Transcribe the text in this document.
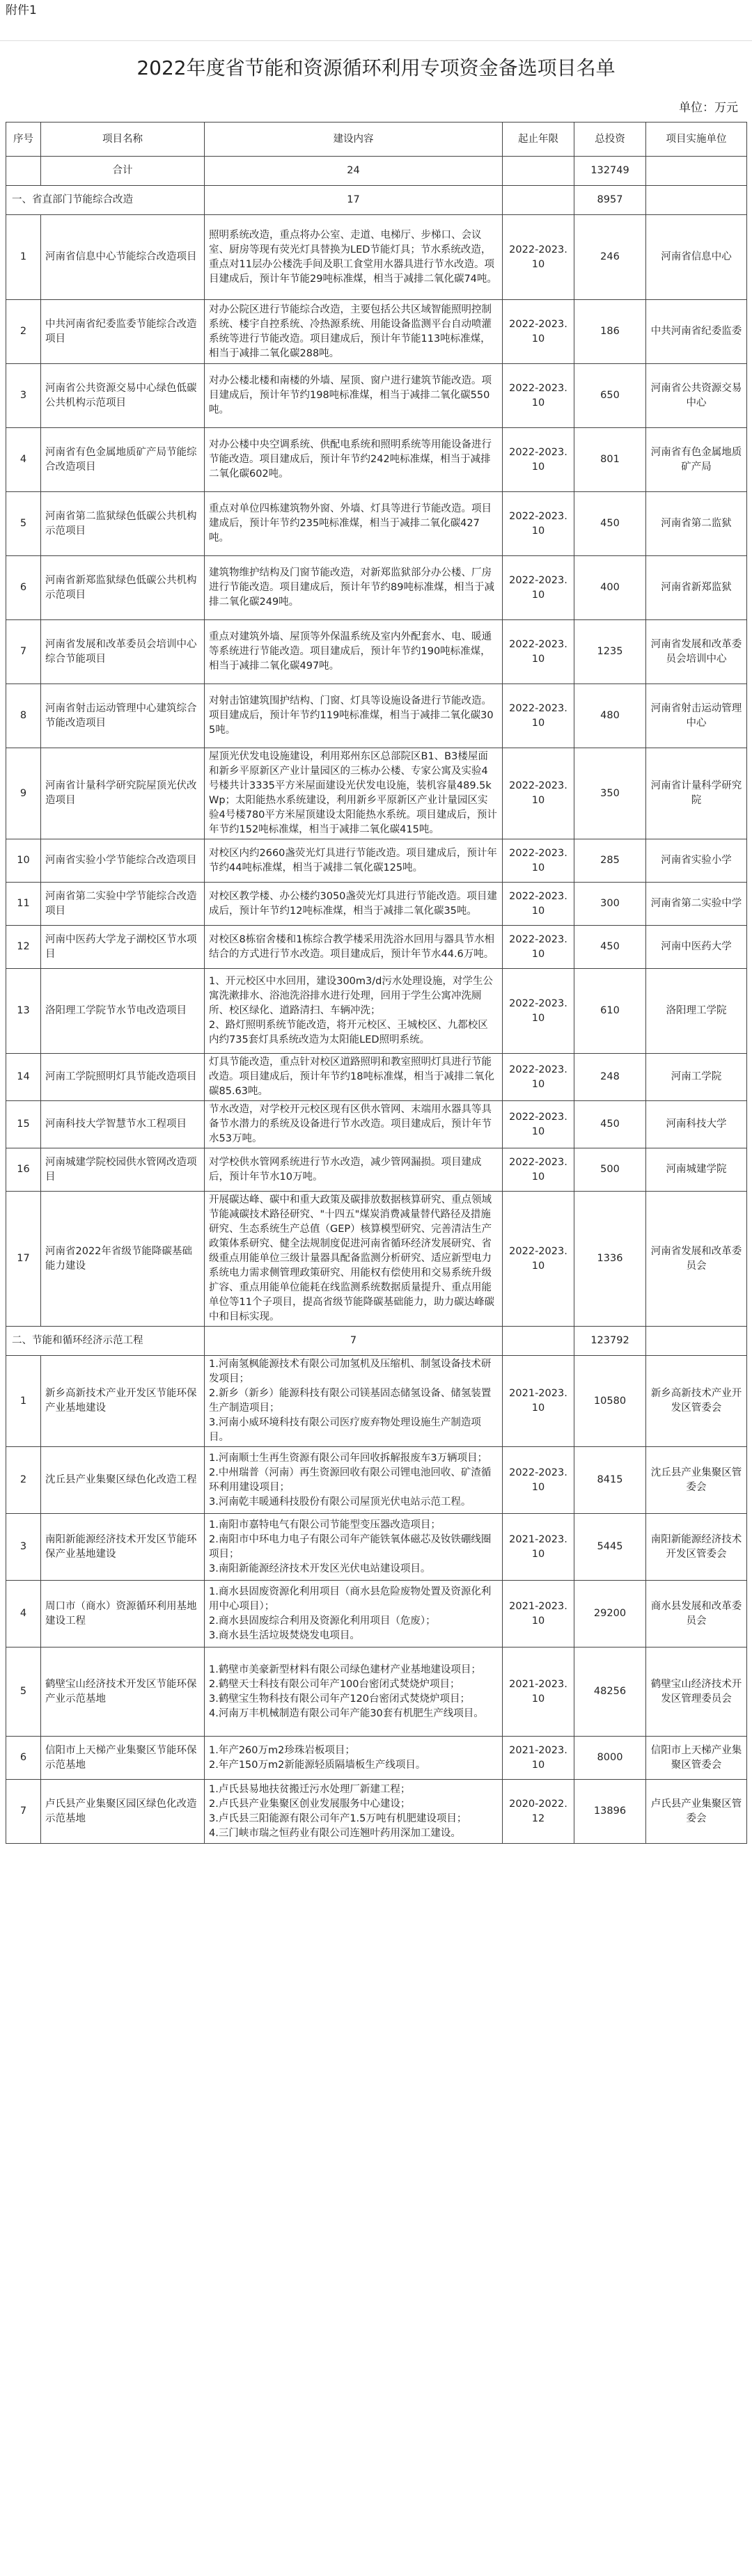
附件1
2022年度省节能和资源循环利用专项资金备选项目名单
单位：万元
序号	项目名称	建设内容	起止年限	总投资	项目实施单位
	合计	24		132749	
一、省直部门节能综合改造		17		8957	
1	河南省信息中心节能综合改造项目	照明系统改造，重点将办公室、走道、电梯厅、步梯口、会议室、厨房等现有荧光灯具替换为LED节能灯具；节水系统改造，重点对11层办公楼洗手间及职工食堂用水器具进行节水改造。项目建成后，预计年节能29吨标准煤，相当于减排二氧化碳74吨。	2022-2023.10	246	河南省信息中心
2	中共河南省纪委监委节能综合改造项目	对办公院区进行节能综合改造，主要包括公共区域智能照明控制系统、楼宇自控系统、冷热源系统、用能设备监测平台自动喷灌系统等进行节能改造。项目建成后，预计年节能113吨标准煤，相当于减排二氧化碳288吨。	2022-2023.10	186	中共河南省纪委监委
3	河南省公共资源交易中心绿色低碳公共机构示范项目	对办公楼北楼和南楼的外墙、屋顶、窗户进行建筑节能改造。项目建成后，预计年节约198吨标准煤，相当于减排二氧化碳550吨。	2022-2023.10	650	河南省公共资源交易中心
4	河南省有色金属地质矿产局节能综合改造项目	对办公楼中央空调系统、供配电系统和照明系统等用能设备进行节能改造。项目建成后，预计年节约242吨标准煤，相当于减排二氧化碳602吨。	2022-2023.10	801	河南省有色金属地质矿产局
5	河南省第二监狱绿色低碳公共机构示范项目	重点对单位四栋建筑物外窗、外墙、灯具等进行节能改造。项目建成后，预计年节约235吨标准煤，相当于减排二氧化碳427吨。	2022-2023.10	450	河南省第二监狱
6	河南省新郑监狱绿色低碳公共机构示范项目	建筑物维护结构及门窗节能改造，对新郑监狱部分办公楼、厂房进行节能改造。项目建成后，预计年节约89吨标准煤，相当于减排二氧化碳249吨。	2022-2023.10	400	河南省新郑监狱
7	河南省发展和改革委员会培训中心综合节能项目	重点对建筑外墙、屋顶等外保温系统及室内外配套水、电、暖通等系统进行节能改造。项目建成后，预计年节约190吨标准煤，相当于减排二氧化碳497吨。	2022-2023.10	1235	河南省发展和改革委员会培训中心
8	河南省射击运动管理中心建筑综合节能改造项目	对射击馆建筑围护结构、门窗、灯具等设施设备进行节能改造。项目建成后，预计年节约119吨标准煤，相当于减排二氧化碳305吨。	2022-2023.10	480	河南省射击运动管理中心
9	河南省计量科学研究院屋顶光伏改造项目	屋顶光伏发电设施建设，利用郑州东区总部院区B1、B3楼屋面和新乡平原新区产业计量园区的三栋办公楼、专家公寓及实验4号楼共计3335平方米屋面建设光伏发电设施，装机容量489.5kWp；太阳能热水系统建设，利用新乡平原新区产业计量园区实验4号楼780平方米屋顶建设太阳能热水系统。项目建成后，预计年节约152吨标准煤，相当于减排二氧化碳415吨。	2022-2023.10	350	河南省计量科学研究院
10	河南省实验小学节能综合改造项目	对校区内约2660盏荧光灯具进行节能改造。项目建成后，预计年节约44吨标准煤，相当于减排二氧化碳125吨。	2022-2023.10	285	河南省实验小学
11	河南省第二实验中学节能综合改造项目	对校区教学楼、办公楼约3050盏荧光灯具进行节能改造。项目建成后，预计年节约12吨标准煤，相当于减排二氧化碳35吨。	2022-2023.10	300	河南省第二实验中学
12	河南中医药大学龙子湖校区节水项目	对校区8栋宿舍楼和1栋综合教学楼采用洗浴水回用与器具节水相结合的方式进行节水改造。项目建成后，预计年节水44.6万吨。	2022-2023.10	450	河南中医药大学
13	洛阳理工学院节水节电改造项目	1、开元校区中水回用，建设300m3/d污水处理设施，对学生公寓洗漱排水、浴池洗浴排水进行处理，回用于学生公寓冲洗厕所、校区绿化、道路清扫、车辆冲洗；
2、路灯照明系统节能改造，将开元校区、王城校区、九都校区内约735套灯具系统改造为太阳能LED照明系统。	2022-2023.10	610	洛阳理工学院
14	河南工学院照明灯具节能改造项目	灯具节能改造，重点针对校区道路照明和教室照明灯具进行节能改造。项目建成后，预计年节约18吨标准煤，相当于减排二氧化碳85.63吨。	2022-2023.10	248	河南工学院
15	河南科技大学智慧节水工程项目	节水改造，对学校开元校区现有区供水管网、末端用水器具等具备节水潜力的系统及设备进行节水改造。项目建成后，预计年节水53万吨。	2022-2023.10	450	河南科技大学
16	河南城建学院校园供水管网改造项目	对学校供水管网系统进行节水改造，减少管网漏损。项目建成后，预计年节水10万吨。	2022-2023.10	500	河南城建学院
17	河南省2022年省级节能降碳基础能力建设	开展碳达峰、碳中和重大政策及碳排放数据核算研究、重点领域节能减碳技术路径研究、"十四五"煤炭消费减量替代路径及措施研究、生态系统生产总值（GEP）核算模型研究、完善清洁生产政策体系研究、健全法规制度促进河南省循环经济发展研究、省级重点用能单位三级计量器具配备监测分析研究、适应新型电力系统电力需求侧管理政策研究、用能权有偿使用和交易系统升级扩容、重点用能单位能耗在线监测系统数据质量提升、重点用能单位等11个子项目，提高省级节能降碳基础能力，助力碳达峰碳中和目标实现。	2022-2023.10	1336	河南省发展和改革委员会
二、节能和循环经济示范工程		7		123792	
1	新乡高新技术产业开发区节能环保产业基地建设	1.河南氢枫能源技术有限公司加氢机及压缩机、制氢设备技术研发项目；
2.新乡（新乡）能源科技有限公司镁基固态储氢设备、储氢装置生产制造项目；
3.河南小威环境科技有限公司医疗废弃物处理设施生产制造项目。	2021-2023.10	10580	新乡高新技术产业开发区管委会
2	沈丘县产业集聚区绿色化改造工程	1.河南顺士生再生资源有限公司年回收拆解报废车3万辆项目；
2.中州瑞普（河南）再生资源回收有限公司锂电池回收、矿渣循环利用建设项目；
3.河南乾丰暖通科技股份有限公司屋顶光伏电站示范工程。	2022-2023.10	8415	沈丘县产业集聚区管委会
3	南阳新能源经济技术开发区节能环保产业基地建设	1.南阳市嘉特电气有限公司节能型变压器改造项目；
2.南阳市中环电力电子有限公司年产能铁氧体磁芯及钕铁硼线圈项目；
3.南阳新能源经济技术开发区光伏电站建设项目。	2021-2023.10	5445	南阳新能源经济技术开发区管委会
4	周口市（商水）资源循环利用基地建设工程	1.商水县固废资源化利用项目（商水县危险废物处置及资源化利用中心项目）；
2.商水县固废综合利用及资源化利用项目（危废）；
3.商水县生活垃圾焚烧发电项目。	2021-2023.10	29200	商水县发展和改革委员会
5	鹤壁宝山经济技术开发区节能环保产业示范基地	1.鹤壁市美豪新型材料有限公司绿色建材产业基地建设项目；
2.鹤壁天士科技有限公司年产100台密闭式焚烧炉项目；
3.鹤壁宝生物科技有限公司年产120台密闭式焚烧炉项目；
4.河南万丰机械制造有限公司年产能30套有机肥生产线项目。	2021-2023.10	48256	鹤壁宝山经济技术开发区管理委员会
6	信阳市上天梯产业集聚区节能环保示范基地	1.年产260万m2珍珠岩板项目；
2.年产150万m2新能源轻质隔墙板生产线项目。	2021-2023.10	8000	信阳市上天梯产业集聚区管委会
7	卢氏县产业集聚区园区绿色化改造示范基地	1.卢氏县易地扶贫搬迁污水处理厂新建工程；
2.卢氏县产业集聚区创业发展服务中心建设；
3.卢氏县三阳能源有限公司年产1.5万吨有机肥建设项目；
4.三门峡市瑞之恒药业有限公司连翘叶药用深加工建设。	2020-2022.12	13896	卢氏县产业集聚区管委会
